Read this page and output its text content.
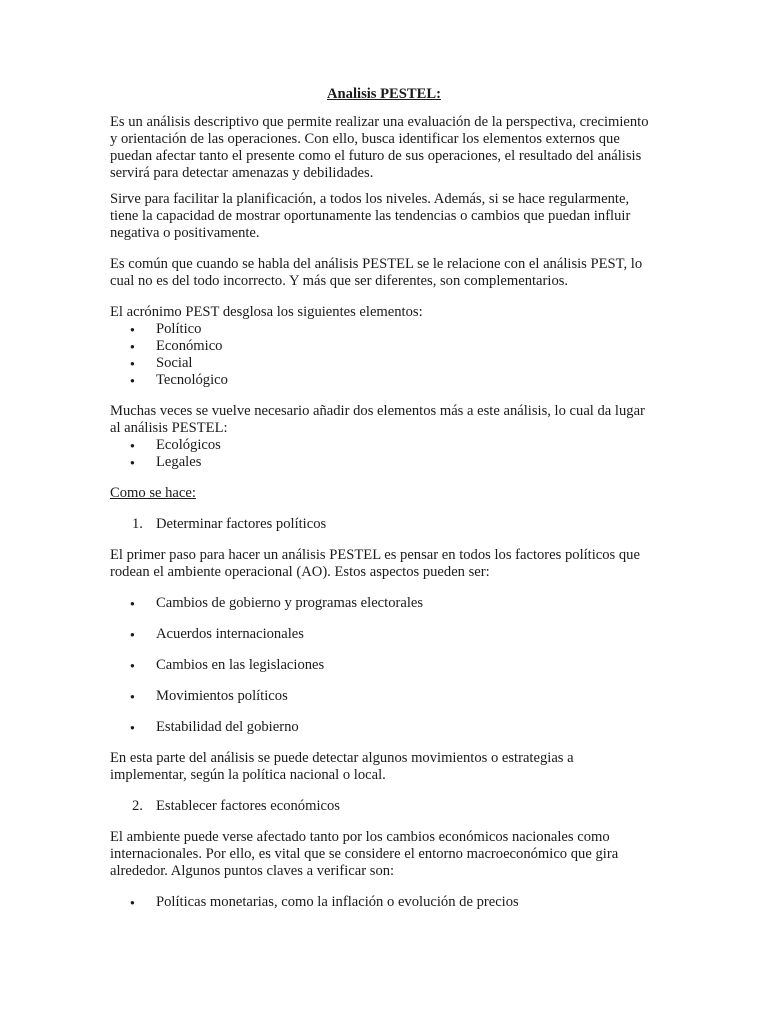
Analisis PESTEL:

Es un análisis descriptivo que permite realizar una evaluación de la perspectiva, crecimiento y orientación de las operaciones. Con ello, busca identificar los elementos externos que puedan afectar tanto el presente como el futuro de sus operaciones, el resultado del análisis servirá para detectar amenazas y debilidades.

Sirve para facilitar la planificación, a todos los niveles. Además, si se hace regularmente, tiene la capacidad de mostrar oportunamente las tendencias o cambios que puedan influir negativa o positivamente.

Es común que cuando se habla del análisis PESTEL se le relacione con el análisis PEST, lo cual no es del todo incorrecto. Y más que ser diferentes, son complementarios.

El acrónimo PEST desglosa los siguientes elementos:

● Político
● Económico
● Social
● Tecnológico

Muchas veces se vuelve necesario añadir dos elementos más a este análisis, lo cual da lugar al análisis PESTEL:

● Ecológicos
● Legales

Como se hace:

1. Determinar factores políticos

El primer paso para hacer un análisis PESTEL es pensar en todos los factores políticos que rodean el ambiente operacional (AO). Estos aspectos pueden ser:

● Cambios de gobierno y programas electorales
● Acuerdos internacionales
● Cambios en las legislaciones
● Movimientos políticos
● Estabilidad del gobierno

En esta parte del análisis se puede detectar algunos movimientos o estrategias a implementar, según la política nacional o local.

2. Establecer factores económicos

El ambiente puede verse afectado tanto por los cambios económicos nacionales como internacionales. Por ello, es vital que se considere el entorno macroeconómico que gira alrededor. Algunos puntos claves a verificar son:

● Políticas monetarias, como la inflación o evolución de precios
